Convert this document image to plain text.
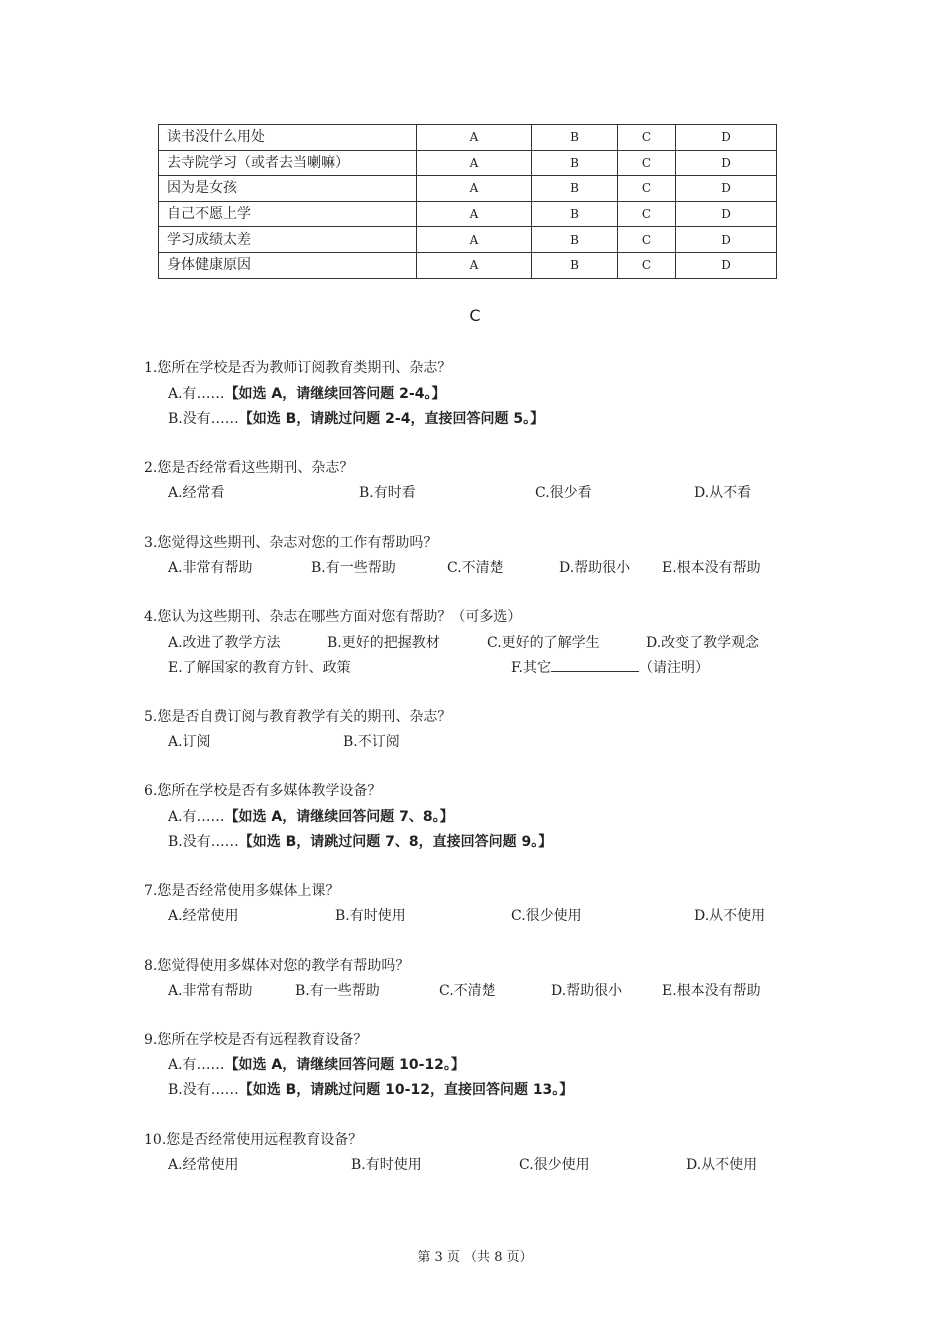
读书没什么用处	A	B	C	D
去寺院学习（或者去当喇嘛）	A	B	C	D
因为是女孩	A	B	C	D
自己不愿上学	A	B	C	D
学习成绩太差	A	B	C	D
身体健康原因	A	B	C	D
C
1.您所在学校是否为教师订阅教育类期刊、杂志？
A.有……【如选 A，请继续回答问题 2-4。】
B.没有……【如选 B，请跳过问题 2-4，直接回答问题 5。】
2.您是否经常看这些期刊、杂志？
A.经常看	B.有时看	C.很少看	D.从不看
3.您觉得这些期刊、杂志对您的工作有帮助吗？
A.非常有帮助	B.有一些帮助	C.不清楚	D.帮助很小 E.根本没有帮助
4.您认为这些期刊、杂志在哪些方面对您有帮助？（可多选）
A.改进了教学方法	B.更好的把握教材	C.更好的了解学生	D.改变了教学观念
E.了解国家的教育方针、政策	F.其它	（请注明）
5.您是否自费订阅与教育教学有关的期刊、杂志？
A.订阅	B.不订阅
6.您所在学校是否有多媒体教学设备？
A.有……【如选 A，请继续回答问题 7、8。】
B.没有……【如选 B，请跳过问题 7、8，直接回答问题 9。】
7.您是否经常使用多媒体上课？
A.经常使用	B.有时使用	C.很少使用	D.从不使用
8.您觉得使用多媒体对您的教学有帮助吗？
A.非常有帮助	B.有一些帮助	C.不清楚	D.帮助很小	E.根本没有帮助
9.您所在学校是否有远程教育设备？
A.有……【如选 A，请继续回答问题 10-12。】
B.没有……【如选 B，请跳过问题 10-12，直接回答问题 13。】
10.您是否经常使用远程教育设备？
A.经常使用	B.有时使用	C.很少使用	D.从不使用
第 3 页 （共 8 页）
